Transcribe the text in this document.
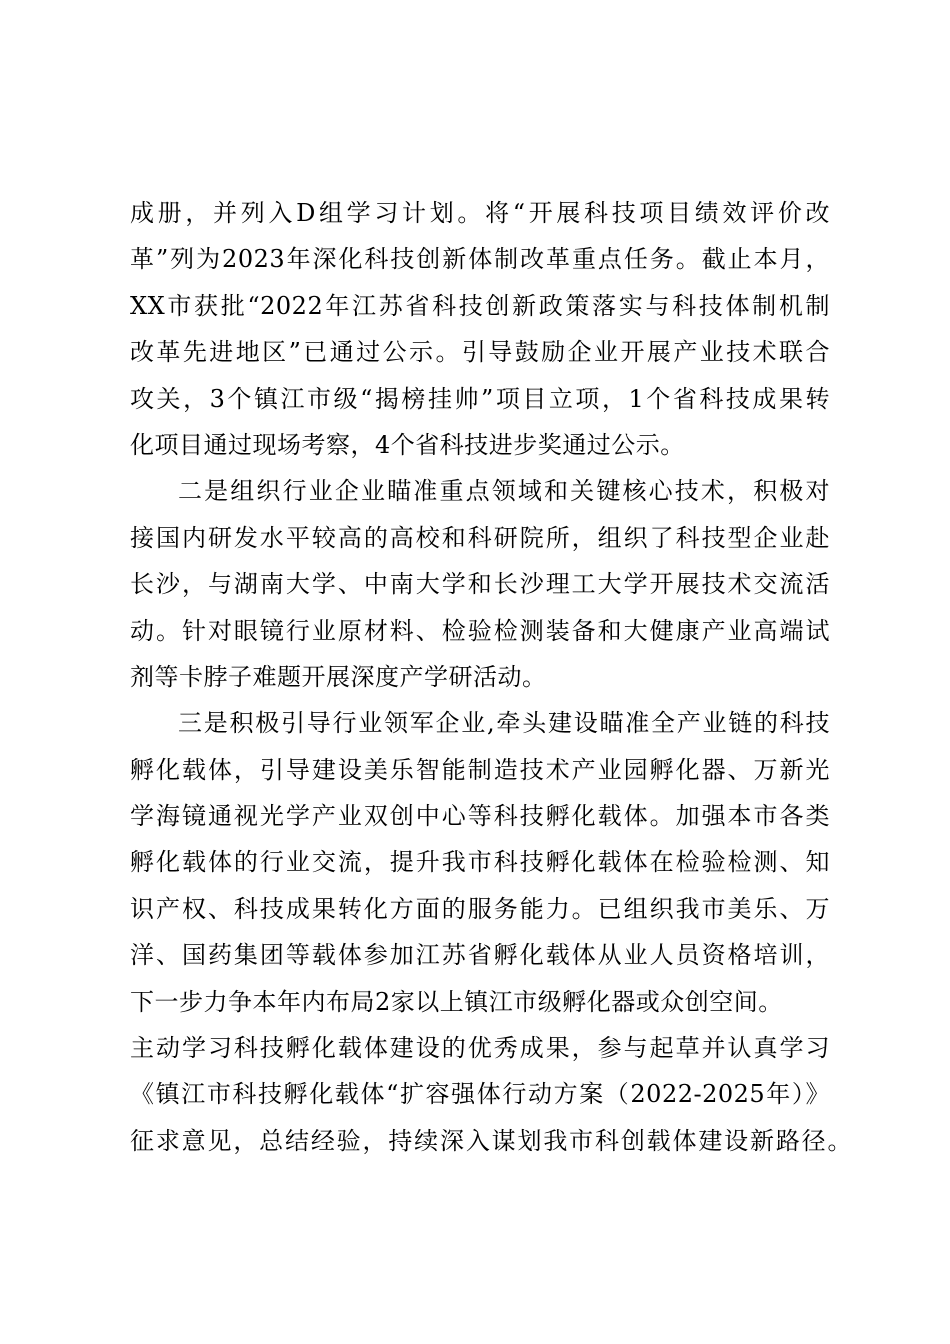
成册，并列入D组学习计划。将“开展科技项目绩效评价改
革”列为2023年深化科技创新体制改革重点任务。截止本月，
XX市获批“2022年江苏省科技创新政策落实与科技体制机制
改革先进地区”已通过公示。引导鼓励企业开展产业技术联合
攻关，3个镇江市级“揭榜挂帅”项目立项，1个省科技成果转
化项目通过现场考察，4个省科技进步奖通过公示。
二是组织行业企业瞄准重点领域和关键核心技术，积极对
接国内研发水平较高的高校和科研院所，组织了科技型企业赴
长沙，与湖南大学、中南大学和长沙理工大学开展技术交流活
动。针对眼镜行业原材料、检验检测装备和大健康产业高端试
剂等卡脖子难题开展深度产学研活动。
三是积极引导行业领军企业,牵头建设瞄准全产业链的科技
孵化载体，引导建设美乐智能制造技术产业园孵化器、万新光
学海镜通视光学产业双创中心等科技孵化载体。加强本市各类
孵化载体的行业交流，提升我市科技孵化载体在检验检测、知
识产权、科技成果转化方面的服务能力。已组织我市美乐、万
洋、国药集团等载体参加江苏省孵化载体从业人员资格培训，
下一步力争本年内布局2家以上镇江市级孵化器或众创空间。
主动学习科技孵化载体建设的优秀成果，参与起草并认真学习
《镇江市科技孵化载体“扩容强体行动方案（2022-2025年）》
征求意见，总结经验，持续深入谋划我市科创载体建设新路径。
